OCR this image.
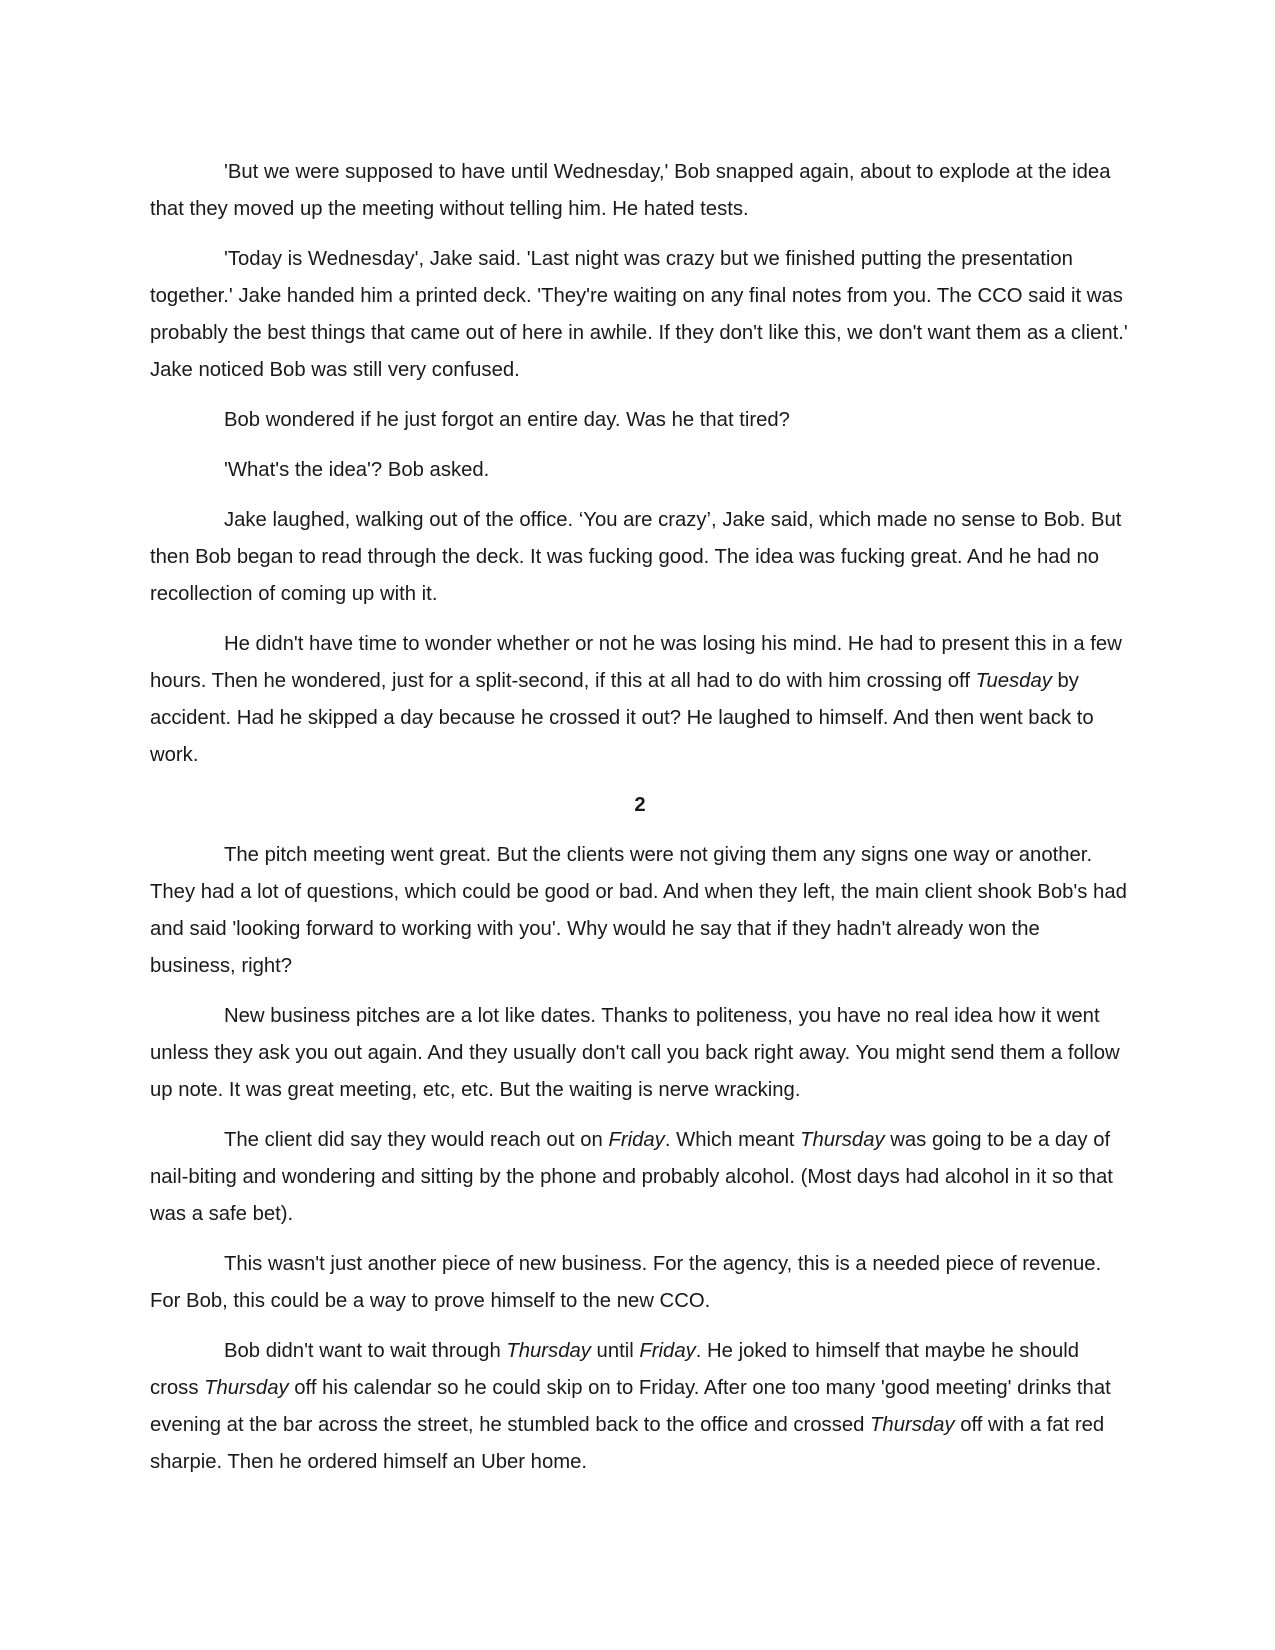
'But we were supposed to have until Wednesday,' Bob snapped again, about to explode at the idea that they moved up the meeting without telling him. He hated tests.

'Today is Wednesday', Jake said. 'Last night was crazy but we finished putting the presentation together.' Jake handed him a printed deck. 'They're waiting on any final notes from you. The CCO said it was probably the best things that came out of here in awhile. If they don't like this, we don't want them as a client.' Jake noticed Bob was still very confused.

Bob wondered if he just forgot an entire day. Was he that tired?

'What's the idea'? Bob asked.

Jake laughed, walking out of the office. ‘You are crazy’, Jake said, which made no sense to Bob. But then Bob began to read through the deck. It was fucking good. The idea was fucking great. And he had no recollection of coming up with it.

He didn't have time to wonder whether or not he was losing his mind. He had to present this in a few hours. Then he wondered, just for a split-second, if this at all had to do with him crossing off Tuesday by accident. Had he skipped a day because he crossed it out? He laughed to himself. And then went back to work.

2

The pitch meeting went great. But the clients were not giving them any signs one way or another. They had a lot of questions, which could be good or bad. And when they left, the main client shook Bob's had and said 'looking forward to working with you'. Why would he say that if they hadn't already won the business, right?

New business pitches are a lot like dates. Thanks to politeness, you have no real idea how it went unless they ask you out again. And they usually don't call you back right away. You might send them a follow up note. It was great meeting, etc, etc. But the waiting is nerve wracking.

The client did say they would reach out on Friday. Which meant Thursday was going to be a day of nail-biting and wondering and sitting by the phone and probably alcohol. (Most days had alcohol in it so that was a safe bet).

This wasn't just another piece of new business. For the agency, this is a needed piece of revenue. For Bob, this could be a way to prove himself to the new CCO.

Bob didn't want to wait through Thursday until Friday. He joked to himself that maybe he should cross Thursday off his calendar so he could skip on to Friday. After one too many 'good meeting' drinks that evening at the bar across the street, he stumbled back to the office and crossed Thursday off with a fat red sharpie. Then he ordered himself an Uber home.
